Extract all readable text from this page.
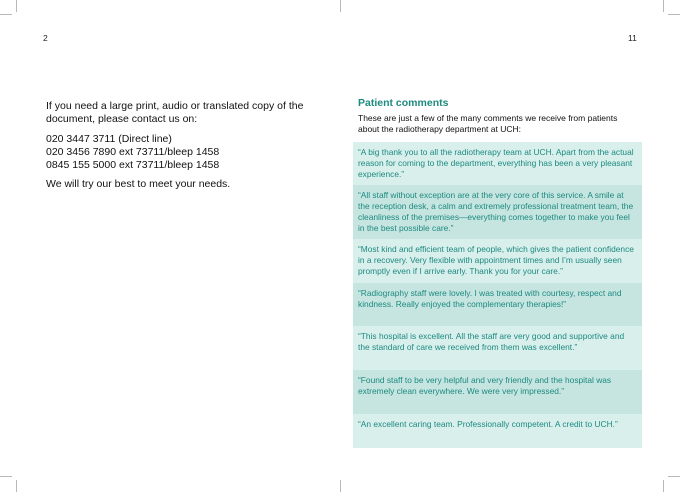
2	11

If you need a large print, audio or translated copy of the document, please contact us on:

020 3447 3711 (Direct line)
020 3456 7890 ext 73711/bleep 1458
0845 155 5000 ext 73711/bleep 1458

We will try our best to meet your needs.

Patient comments

These are just a few of the many comments we receive from patients about the radiotherapy department at UCH:

“A big thank you to all the radiotherapy team at UCH. Apart from the actual reason for coming to the department, everything has been a very pleasant experience.”
“All staff without exception are at the very core of this service. A smile at the reception desk, a calm and extremely professional treatment team, the cleanliness of the premises—everything comes together to make you feel in the best possible care.”
“Most kind and efficient team of people, which gives the patient confidence in a recovery. Very flexible with appointment times and I’m usually seen promptly even if I arrive early. Thank you for your care.”
“Radiography staff were lovely. I was treated with courtesy, respect and kindness. Really enjoyed the complementary therapies!”
“This hospital is excellent. All the staff are very good and supportive and the standard of care we received from them was excellent.”
“Found staff to be very helpful and very friendly and the hospital was extremely clean everywhere. We were very impressed.”
“An excellent caring team. Professionally competent. A credit to UCH.”
